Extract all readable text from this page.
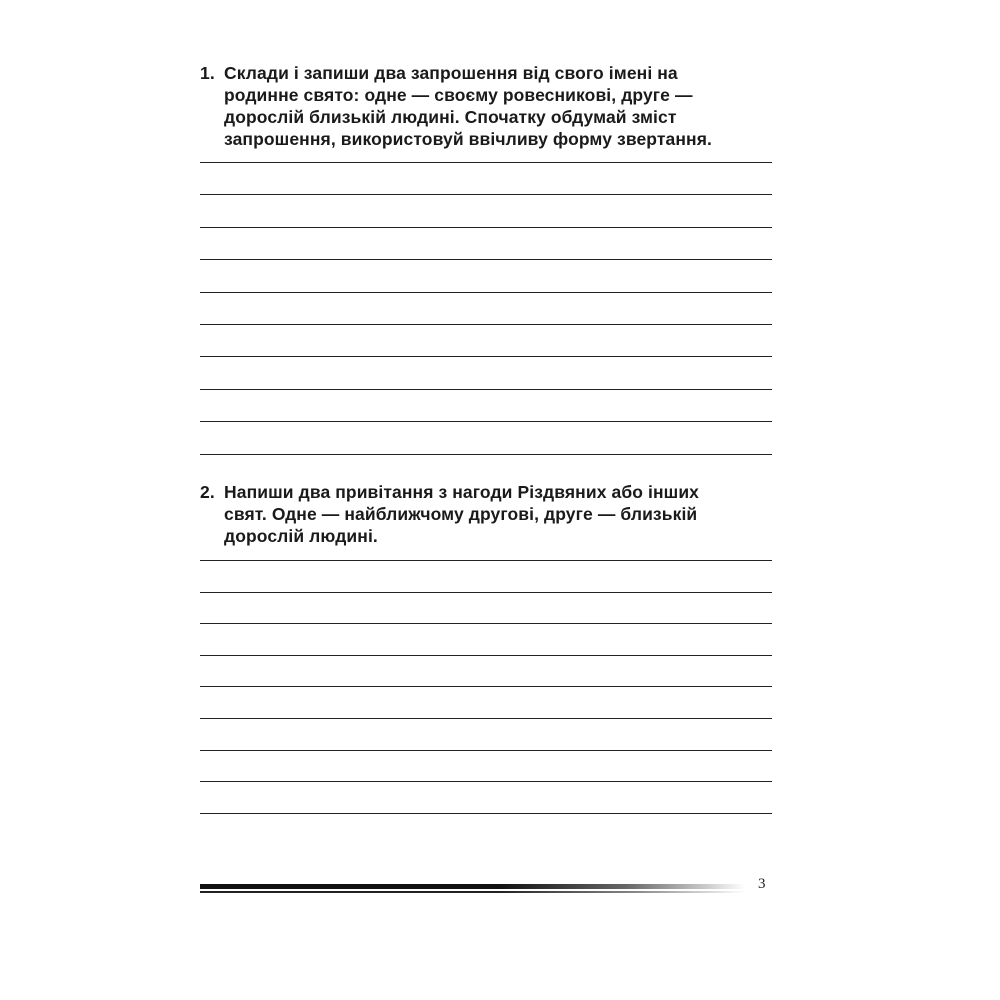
1. Склади і запиши два запрошення від свого імені на
родинне свято: одне — своєму ровесникові, друге —
дорослій близькій людині. Спочатку обдумай зміст
запрошення, використовуй ввічливу форму звертання.
2. Напиши два привітання з нагоди Різдвяних або інших
свят. Одне — найближчому другові, друге — близькій
дорослій людині.
3
